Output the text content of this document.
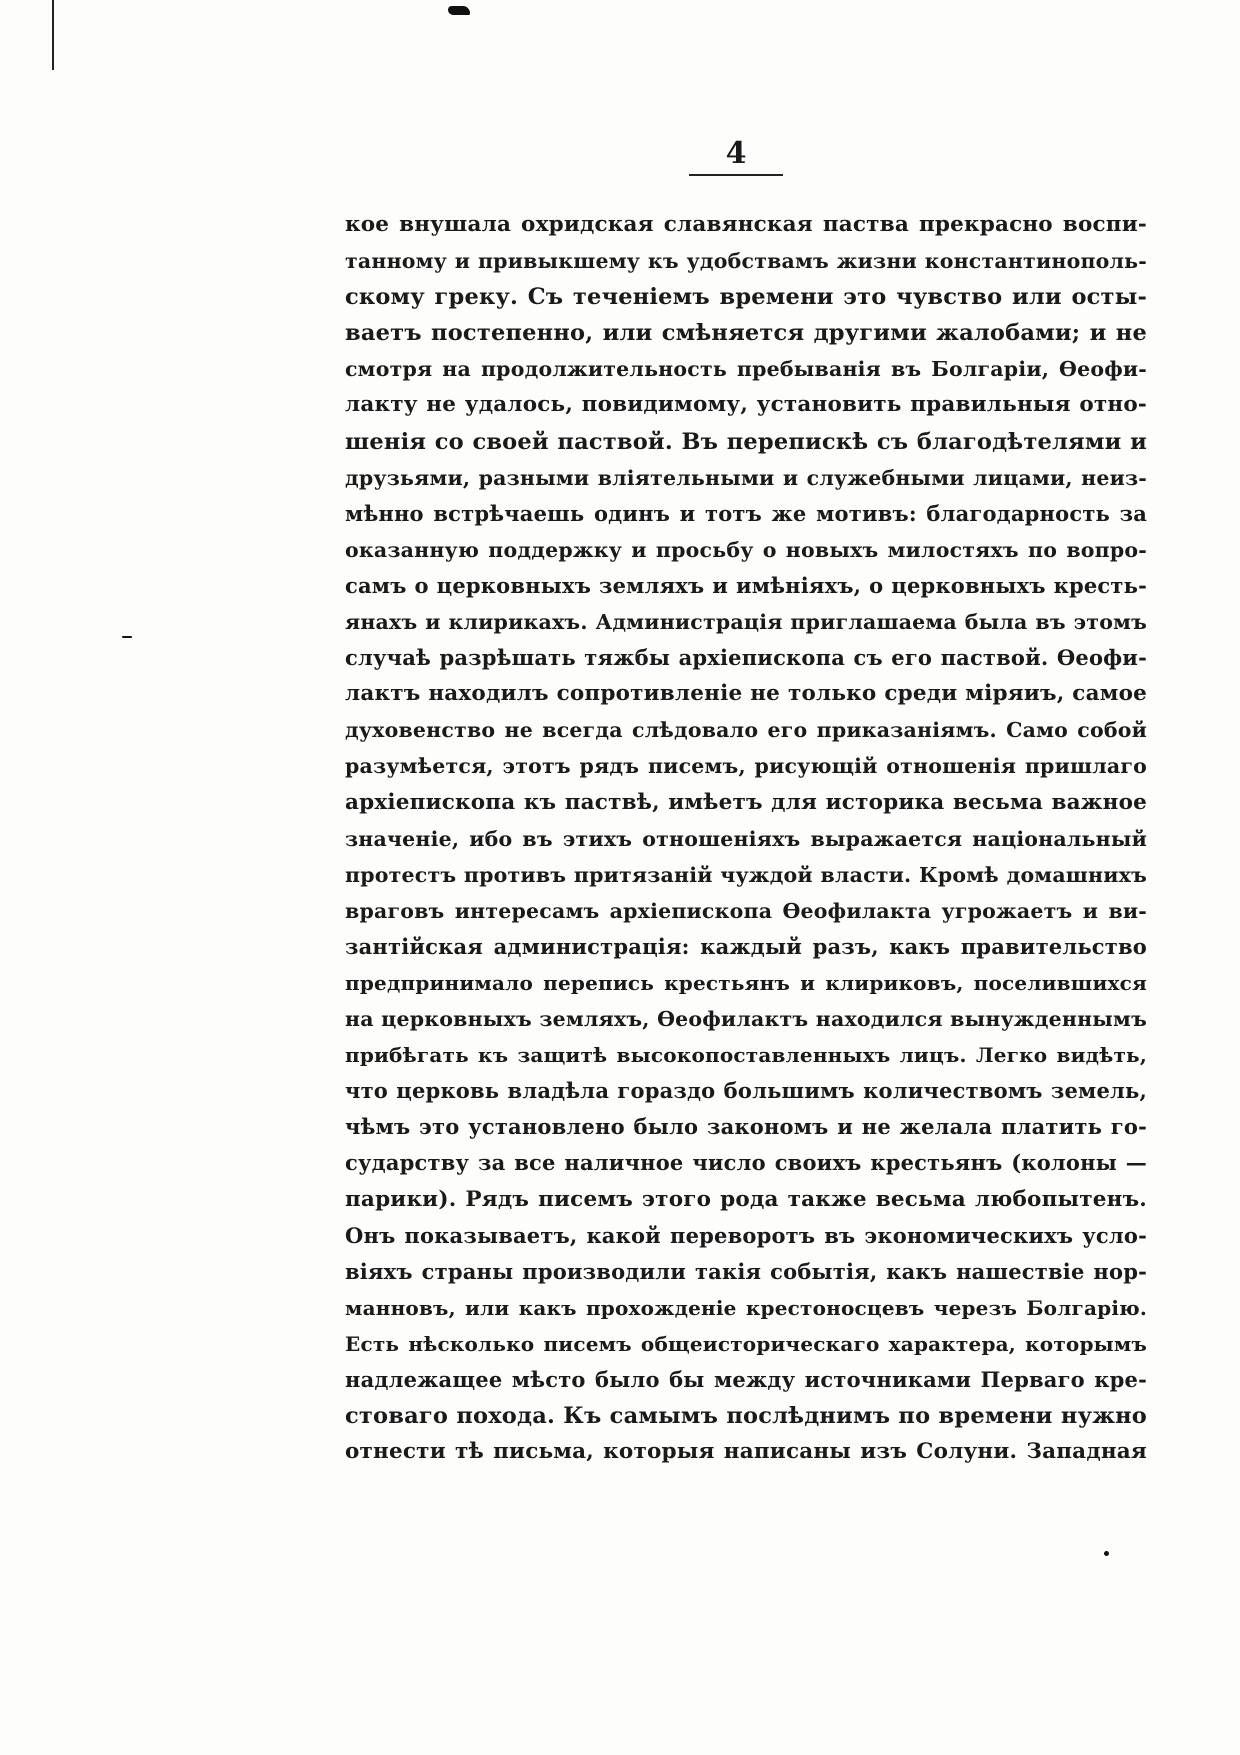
4
кое внушала охридская славянская паства прекрасно воспи-
танному и привыкшему къ удобствамъ жизни константинополь-
скому греку. Съ теченіемъ времени это чувство или осты-
ваетъ постепенно, или смѣняется другими жалобами; и не
смотря на продолжительность пребыванія въ Болгаріи, Ѳеофи-
лакту не удалось, повидимому, установить правильныя отно-
шенія со своей паствой. Въ перепискѣ съ благодѣтелями и
друзьями, разными вліятельными и служебными лицами, неиз-
мѣнно встрѣчаешь одинъ и тотъ же мотивъ: благодарность за
оказанную поддержку и просьбу о новыхъ милостяхъ по вопро-
самъ о церковныхъ земляхъ и имѣніяхъ, о церковныхъ кресть-
янахъ и клирикахъ. Администрація приглашаема была въ этомъ
случаѣ разрѣшать тяжбы архіепископа съ его паствой. Ѳеофи-
лактъ находилъ сопротивленіе не только среди міряиъ, самое
духовенство не всегда слѣдовало его приказаніямъ. Само собой
разумѣется, этотъ рядъ писемъ, рисующій отношенія пришлаго
архіепископа къ паствѣ, имѣетъ для историка весьма важное
значеніе, ибо въ этихъ отношеніяхъ выражается національный
протестъ противъ притязаній чуждой власти. Кромѣ домашнихъ
враговъ интересамъ архіепископа Ѳеофилакта угрожаетъ и ви-
зантійская администрація: каждый разъ, какъ правительство
предпринимало перепись крестьянъ и клириковъ, поселившихся
на церковныхъ земляхъ, Ѳеофилактъ находился вынужденнымъ
прибѣгать къ защитѣ высокопоставленныхъ лицъ. Легко видѣть,
что церковь владѣла гораздо большимъ количествомъ земель,
чѣмъ это установлено было закономъ и не желала платить го-
сударству за все наличное число своихъ крестьянъ (колоны —
парики). Рядъ писемъ этого рода также весьма любопытенъ.
Онъ показываетъ, какой переворотъ въ экономическихъ усло-
віяхъ страны производили такія событія, какъ нашествіе нор-
манновъ, или какъ прохожденіе крестоносцевъ черезъ Болгарію.
Есть нѣсколько писемъ общеисторическаго характера, которымъ
надлежащее мѣсто было бы между источниками Перваго кре-
стоваго похода. Къ самымъ послѣднимъ по времени нужно
отнести тѣ письма, которыя написаны изъ Солуни. Западная
